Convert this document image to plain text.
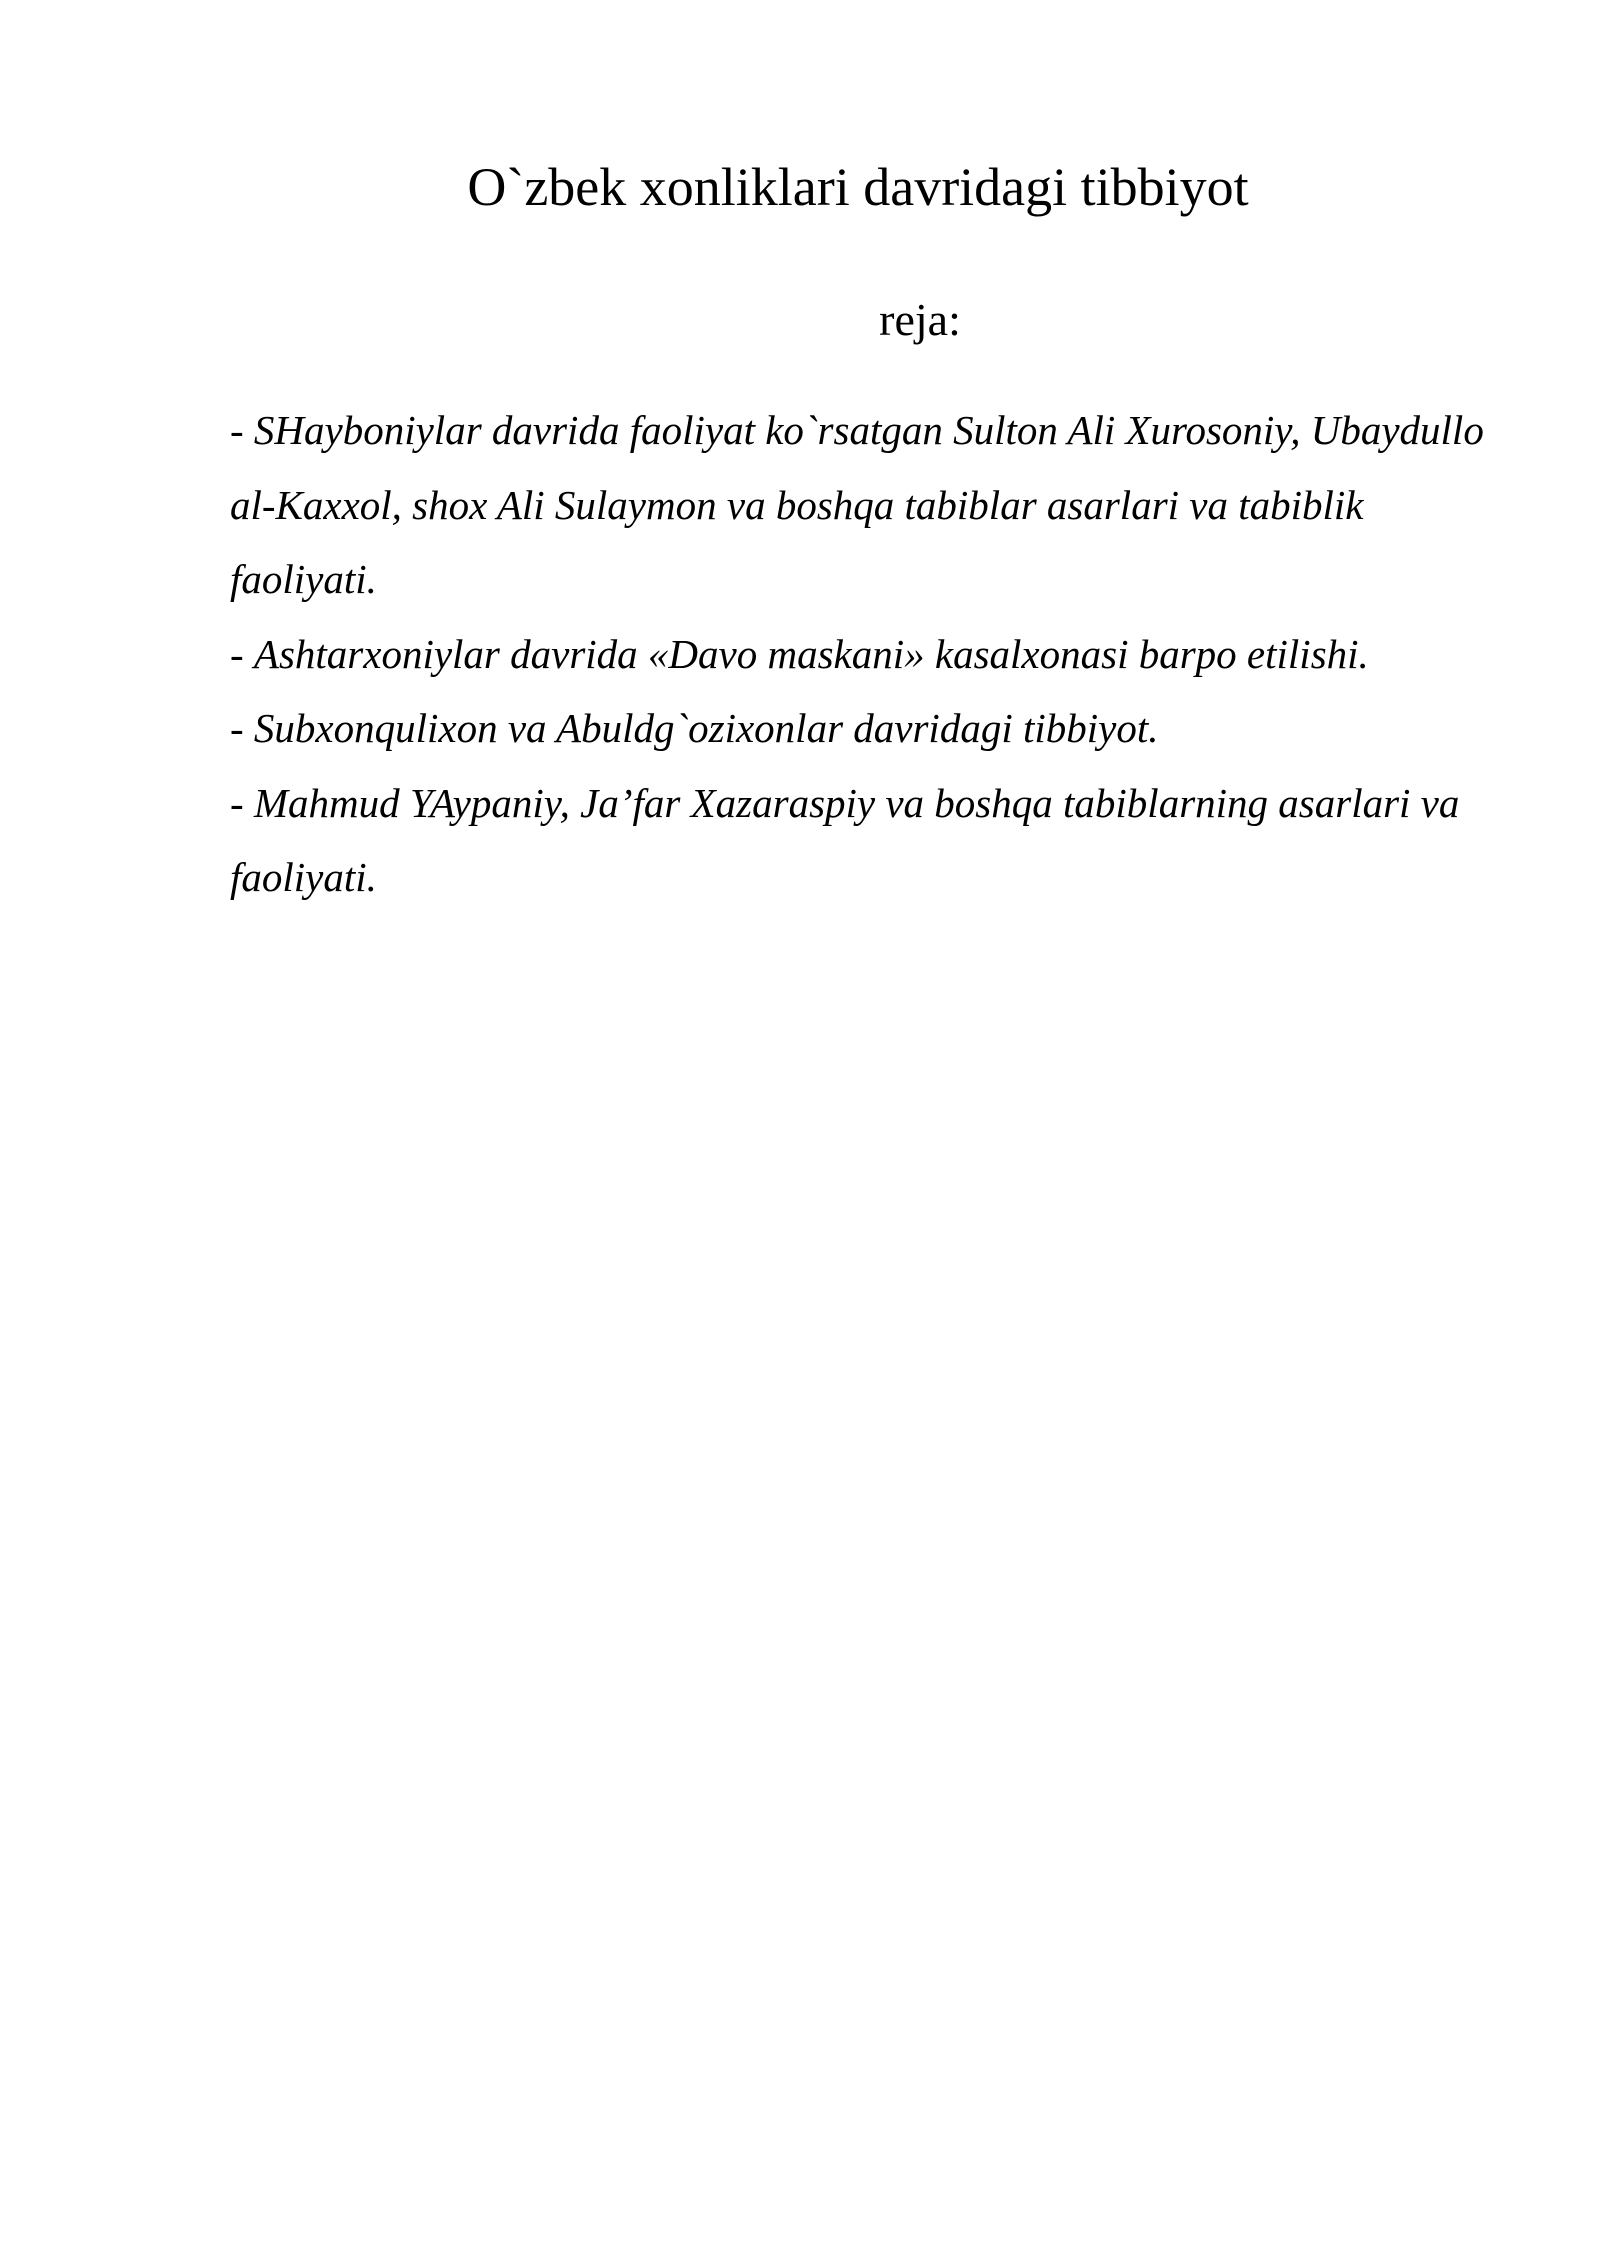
O`zbek xonliklari davridagi tibbiyot
reja:
- SHayboniylar davrida faoliyat ko`rsatgan Sulton Ali Xurosoniy, Ubaydullo al-Kaxxol, shox Ali Sulaymon va boshqa tabiblar asarlari va tabiblik faoliyati.
- Ashtarxoniylar davrida «Davo maskani» kasalxonasi barpo etilishi.
- Subxonqulixon va Abuldg`ozixonlar davridagi tibbiyot.
- Mahmud YAypaniy, Ja’far Xazaraspiy va boshqa tabiblarning asarlari va faoliyati.
